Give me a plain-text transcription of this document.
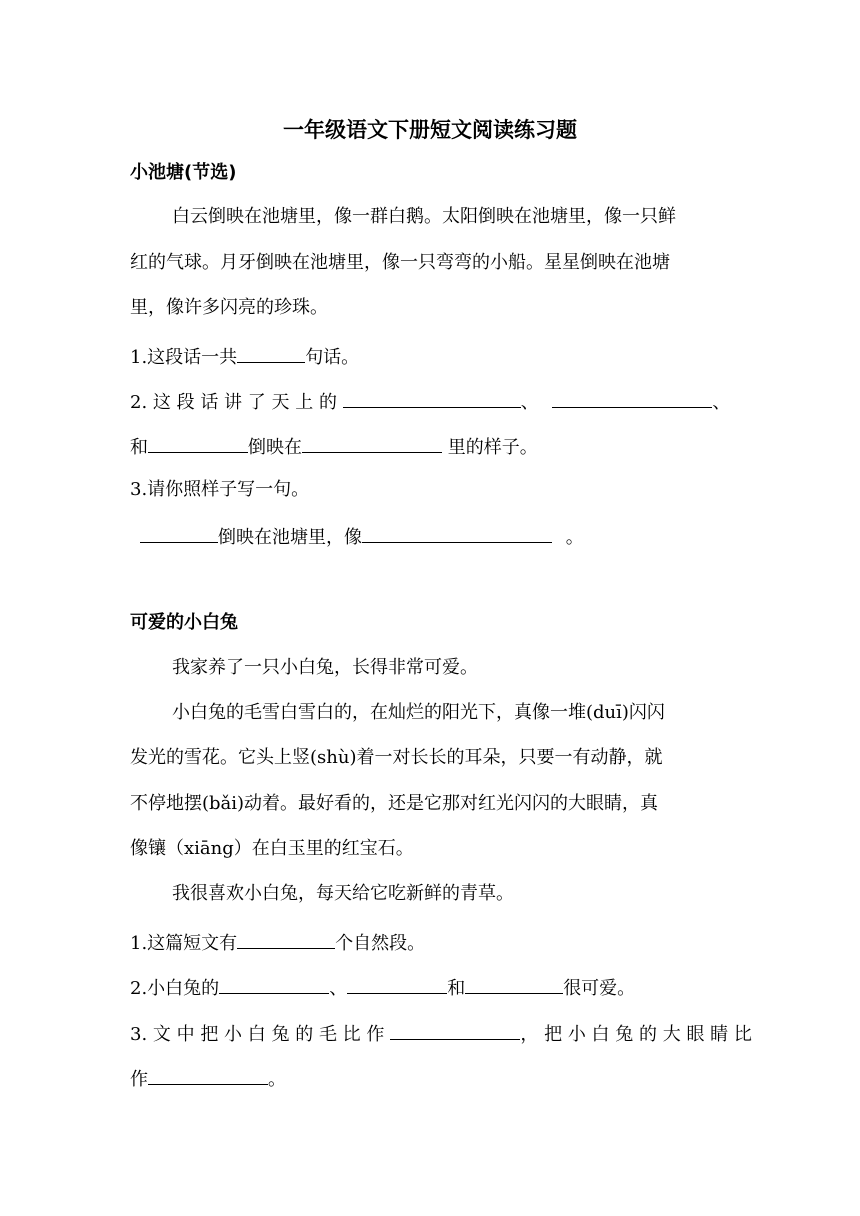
一年级语文下册短文阅读练习题
小池塘(节选)
白云倒映在池塘里，像一群白鹅。太阳倒映在池塘里，像一只鲜
红的气球。月牙倒映在池塘里，像一只弯弯的小船。星星倒映在池塘
里，像许多闪亮的珍珠。
1.这段话一共	句话。
2. 这 段 话 讲 了 天 上 的	、	、
和	倒映在	里的样子。
3.请你照样子写一句。
倒映在池塘里，像	。
可爱的小白兔
我家养了一只小白兔，长得非常可爱。
小白兔的毛雪白雪白的，在灿烂的阳光下，真像一堆(duī)闪闪
发光的雪花。它头上竖(shù)着一对长长的耳朵，只要一有动静，就
不停地摆(bǎi)动着。最好看的，还是它那对红光闪闪的大眼睛，真
像镶（xiāng）在白玉里的红宝石。
我很喜欢小白兔，每天给它吃新鲜的青草。
1.这篇短文有	个自然段。
2.小白兔的	、	和	很可爱。
3. 文 中 把 小 白 兔 的 毛 比 作	， 把 小 白 兔 的 大 眼 睛 比
作	。
